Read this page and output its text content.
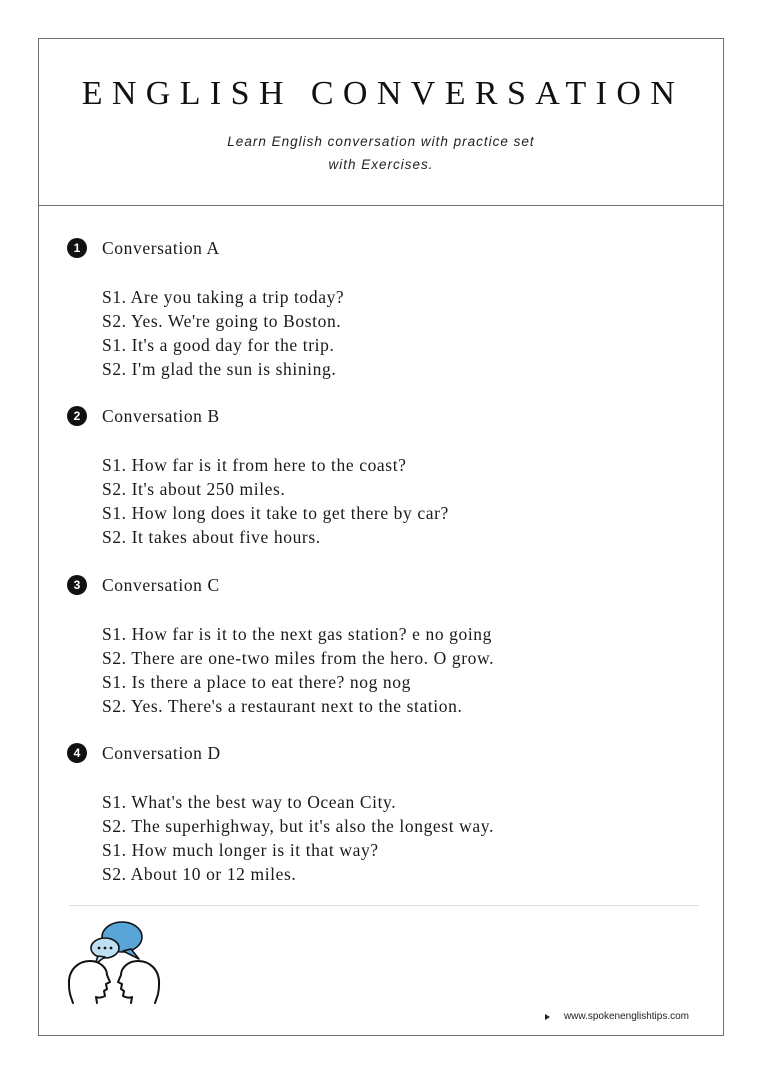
ENGLISH CONVERSATION
Learn English conversation with practice set
with Exercises.
1	Conversation A
S1. Are you taking a trip today?
S2. Yes. We're going to Boston.
S1. It's a good day for the trip.
S2. I'm glad the sun is shining.
2	Conversation B
S1. How far is it from here to the coast?
S2. It's about 250 miles.
S1. How long does it take to get there by car?
S2. It takes about five hours.
3	Conversation C
S1. How far is it to the next gas station? e no going
S2. There are one-two miles from the hero. O grow.
S1. Is there a place to eat there? nog nog
S2. Yes. There's a restaurant next to the station.
4	Conversation D
S1. What's the best way to Ocean City.
S2. The superhighway, but it's also the longest way.
S1. How much longer is it that way?
S2. About 10 or 12 miles.
www.spokenenglishtips.com
